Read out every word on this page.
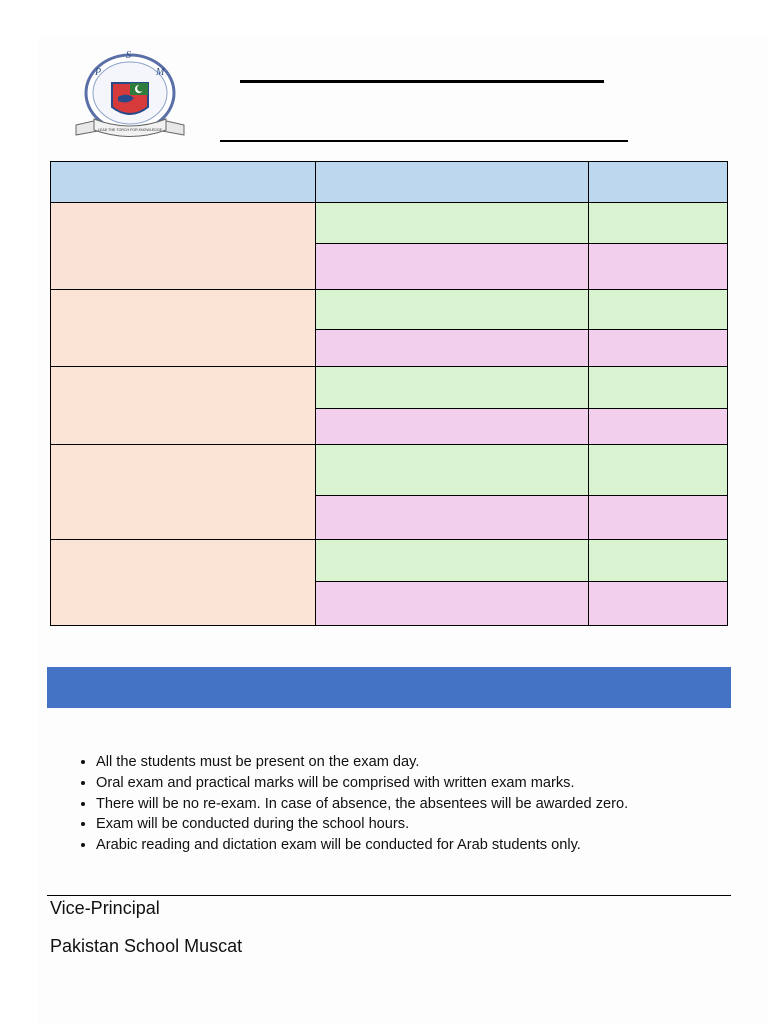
P
S
M
LEAD THE TORCH FOR KNOWLEDGE

• All the students must be present on the exam day.
• Oral exam and practical marks will be comprised with written exam marks.
• There will be no re-exam. In case of absence, the absentees will be awarded zero.
• Exam will be conducted during the school hours.
• Arabic reading and dictation exam will be conducted for Arab students only.
Vice-Principal
Pakistan School Muscat
